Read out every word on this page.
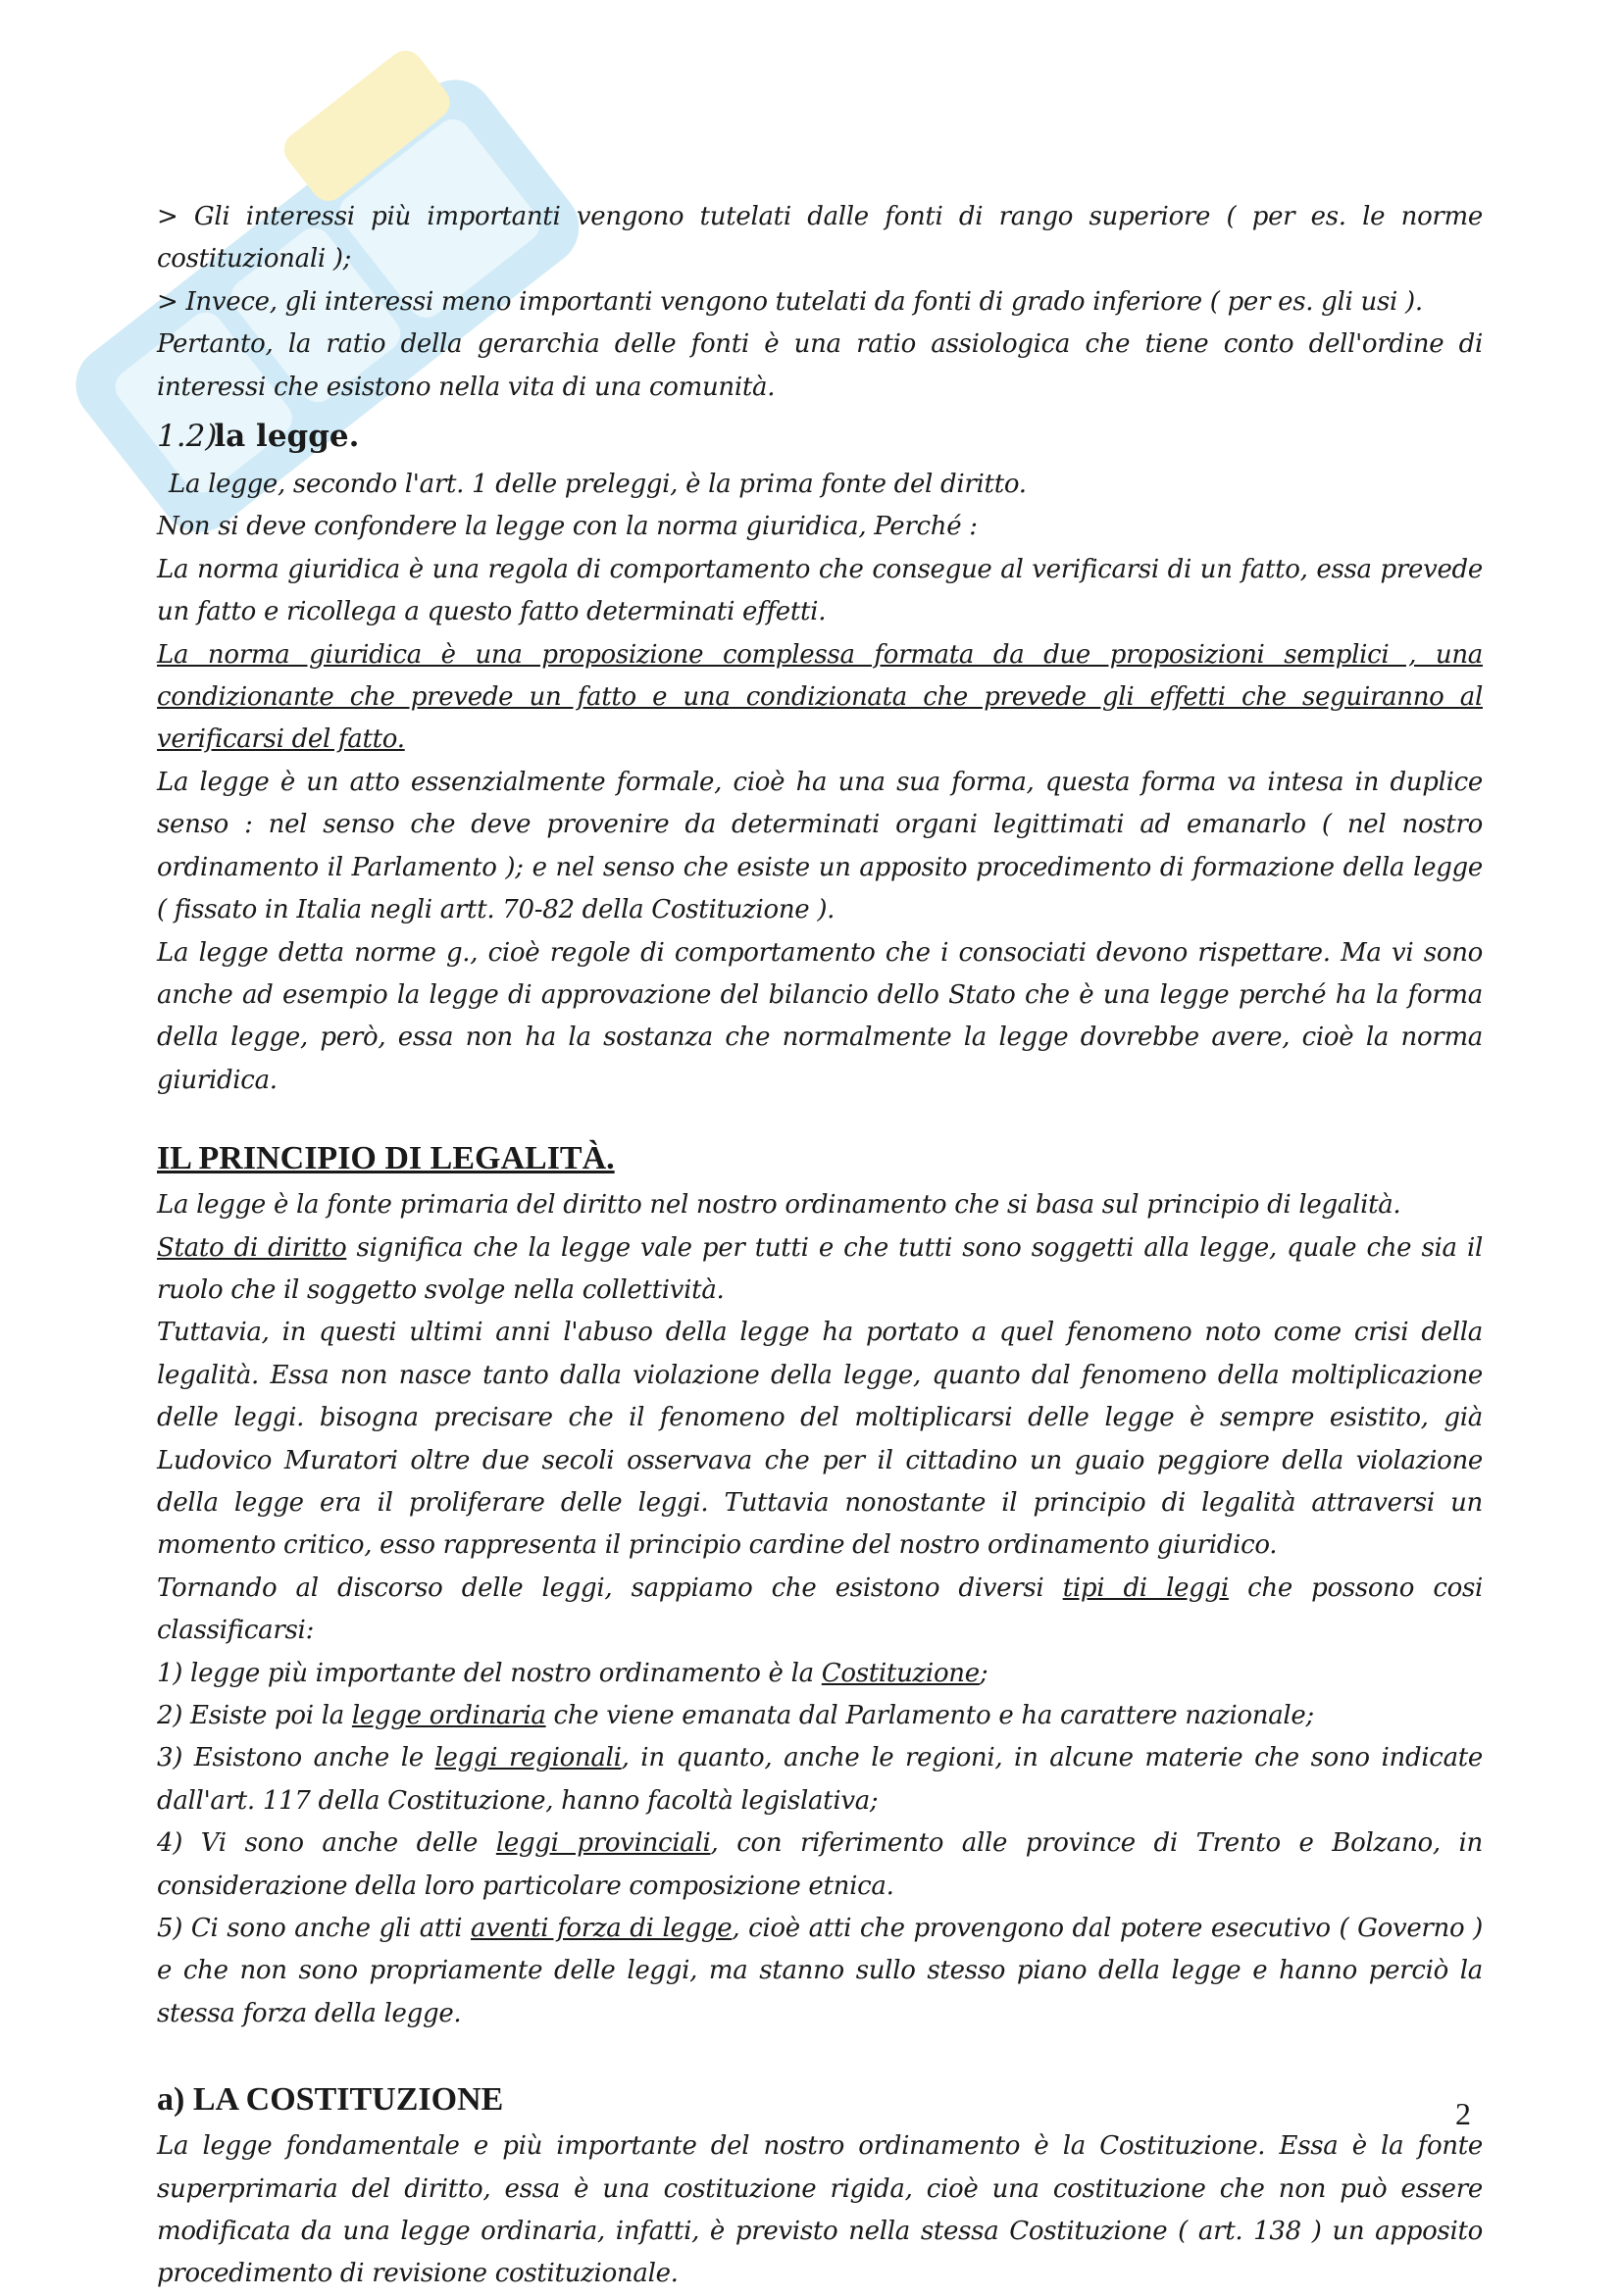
> Gli interessi più importanti vengono tutelati dalle fonti di rango superiore ( per es. le norme costituzionali );

> Invece, gli interessi meno importanti vengono tutelati da fonti di grado inferiore ( per es. gli usi ).

Pertanto, la ratio della gerarchia delle fonti è una ratio assiologica che tiene conto dell'ordine di interessi che esistono nella vita di una comunità.

1.2)la legge.

La legge, secondo l'art. 1 delle preleggi, è la prima fonte del diritto.

Non si deve confondere la legge con la norma giuridica, Perché :

La norma giuridica è una regola di comportamento che consegue al verificarsi di un fatto, essa prevede un fatto e ricollega a questo fatto determinati effetti.

La norma giuridica è una proposizione complessa formata da due proposizioni semplici , una condizionante che prevede un fatto e una condizionata che prevede gli effetti che seguiranno al verificarsi del fatto.

La legge è un atto essenzialmente formale, cioè ha una sua forma, questa forma va intesa in duplice senso : nel senso che deve provenire da determinati organi legittimati ad emanarlo ( nel nostro ordinamento il Parlamento ); e nel senso che esiste un apposito procedimento di formazione della legge ( fissato in Italia negli artt. 70-82 della Costituzione ).

La legge detta norme g., cioè regole di comportamento che i consociati devono rispettare. Ma vi sono anche ad esempio la legge di approvazione del bilancio dello Stato che è una legge perché ha la forma della legge, però, essa non ha la sostanza che normalmente la legge dovrebbe avere, cioè la norma giuridica.

IL PRINCIPIO DI LEGALITÀ.

La legge è la fonte primaria del diritto nel nostro ordinamento che si basa sul principio di legalità.

Stato di diritto significa che la legge vale per tutti e che tutti sono soggetti alla legge, quale che sia il ruolo che il soggetto svolge nella collettività.

Tuttavia, in questi ultimi anni l'abuso della legge ha portato a quel fenomeno noto come crisi della legalità. Essa non nasce tanto dalla violazione della legge, quanto dal fenomeno della moltiplicazione delle leggi. bisogna precisare che il fenomeno del moltiplicarsi delle legge è sempre esistito, già Ludovico Muratori oltre due secoli osservava che per il cittadino un guaio peggiore della violazione della legge era il proliferare delle leggi. Tuttavia nonostante il principio di legalità attraversi un momento critico, esso rappresenta il principio cardine del nostro ordinamento giuridico.

Tornando al discorso delle leggi, sappiamo che esistono diversi tipi di leggi che possono cosi classificarsi:

1) legge più importante del nostro ordinamento è la Costituzione;

2) Esiste poi la legge ordinaria che viene emanata dal Parlamento e ha carattere nazionale;

3) Esistono anche le leggi regionali, in quanto, anche le regioni, in alcune materie che sono indicate dall'art. 117 della Costituzione, hanno facoltà legislativa;

4) Vi sono anche delle leggi provinciali, con riferimento alle province di Trento e Bolzano, in considerazione della loro particolare composizione etnica.

5) Ci sono anche gli atti aventi forza di legge, cioè atti che provengono dal potere esecutivo ( Governo ) e che non sono propriamente delle leggi, ma stanno sullo stesso piano della legge e hanno perciò la stessa forza della legge.

a) LA COSTITUZIONE

La legge fondamentale e più importante del nostro ordinamento è la Costituzione. Essa è la fonte superprimaria del diritto, essa è una costituzione rigida, cioè una costituzione che non può essere modificata da una legge ordinaria, infatti, è previsto nella stessa Costituzione ( art. 138 ) un apposito procedimento di revisione costituzionale.

2
